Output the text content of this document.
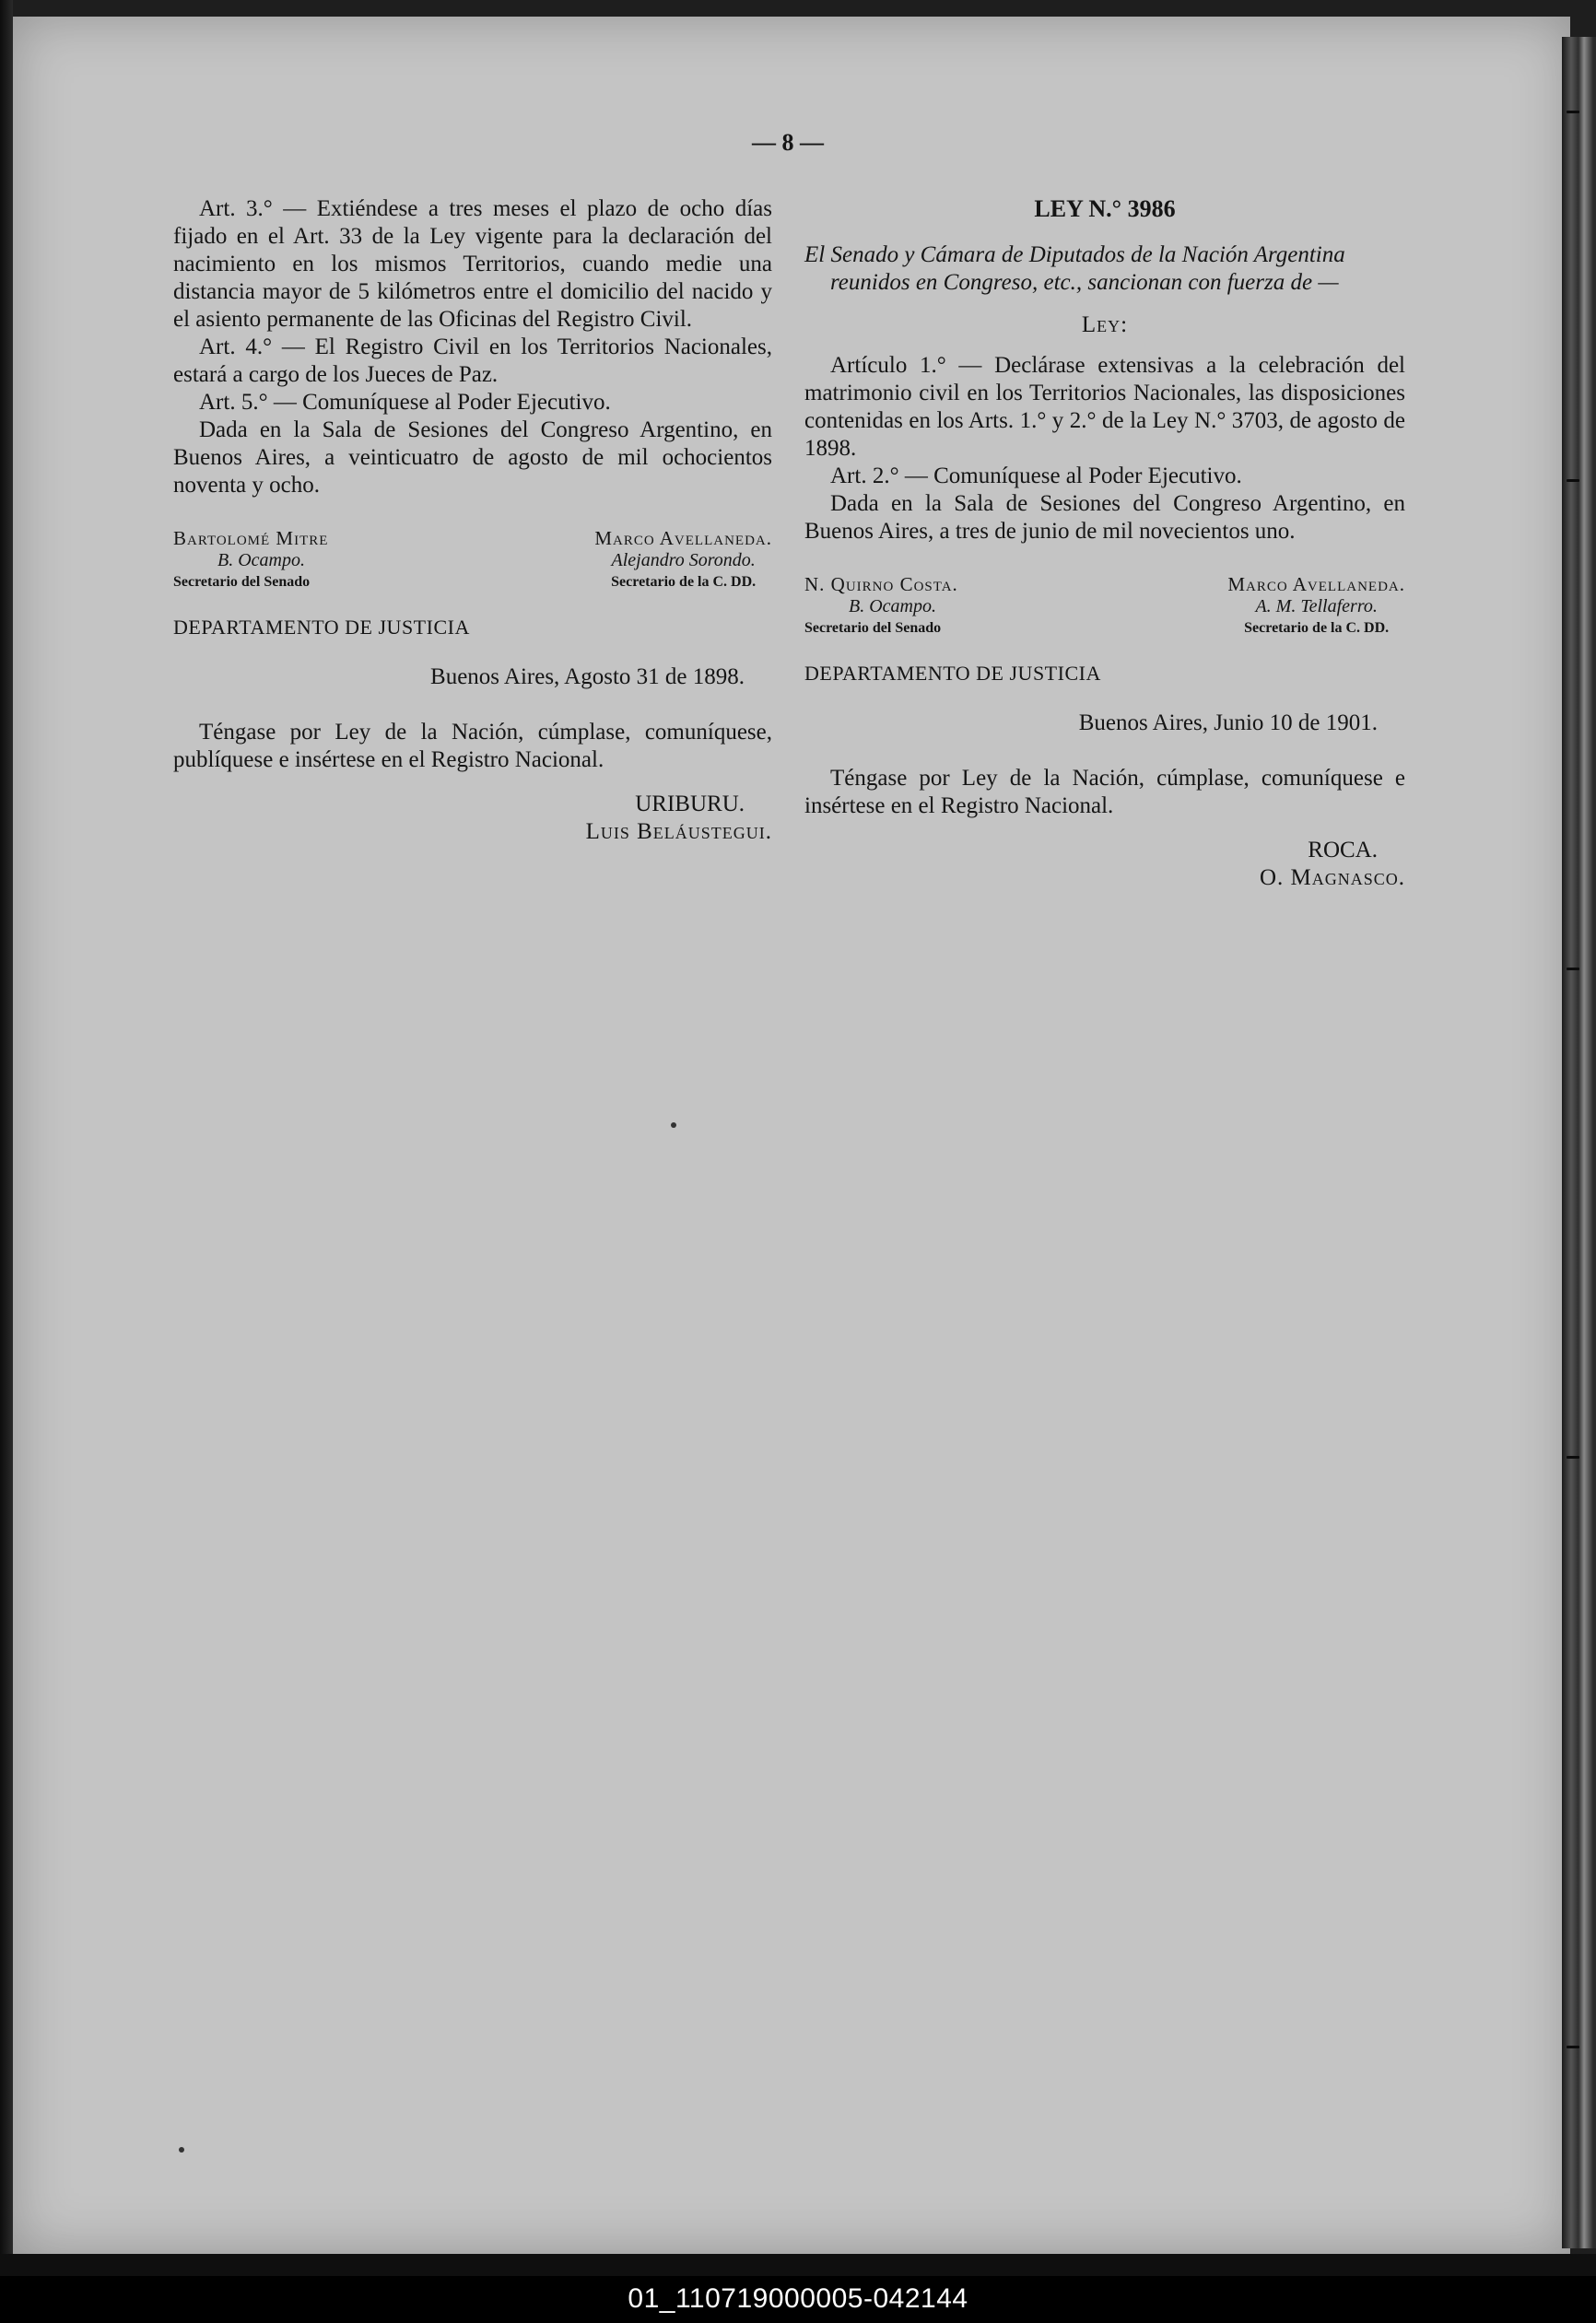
— 8 —

Art. 3.° — Extiéndese a tres meses el plazo de ocho días fijado en el Art. 33 de la Ley vigente para la declaración del nacimiento en los mismos Territorios, cuando medie una distancia mayor de 5 kilómetros entre el domicilio del nacido y el asiento permanente de las Oficinas del Registro Civil.

Art. 4.° — El Registro Civil en los Territorios Nacionales, estará a cargo de los Jueces de Paz.

Art. 5.° — Comuníquese al Poder Ejecutivo.

Dada en la Sala de Sesiones del Congreso Argentino, en Buenos Aires, a veinticuatro de agosto de mil ochocientos noventa y ocho.

Bartolomé Mitre
B. Ocampo.
Secretario del Senado
Marco Avellaneda.
Alejandro Sorondo.
Secretario de la C. DD.
DEPARTAMENTO DE JUSTICIA
Buenos Aires, Agosto 31 de 1898.

Téngase por Ley de la Nación, cúmplase, comuníquese, publíquese e insértese en el Registro Nacional.

URIBURU.
Luis Beláustegui.
LEY N.° 3986
El Senado y Cámara de Diputados de la Nación Argentina reunidos en Congreso, etc., sancionan con fuerza de —
Ley:

Artículo 1.° — Declárase extensivas a la celebración del matrimonio civil en los Territorios Nacionales, las disposiciones contenidas en los Arts. 1.° y 2.° de la Ley N.° 3703, de agosto de 1898.

Art. 2.° — Comuníquese al Poder Ejecutivo.

Dada en la Sala de Sesiones del Congreso Argentino, en Buenos Aires, a tres de junio de mil novecientos uno.

N. Quirno Costa.
B. Ocampo.
Secretario del Senado
Marco Avellaneda.
A. M. Tellaferro.
Secretario de la C. DD.
DEPARTAMENTO DE JUSTICIA
Buenos Aires, Junio 10 de 1901.

Téngase por Ley de la Nación, cúmplase, comuníquese e insértese en el Registro Nacional.

ROCA.
O. Magnasco.
01_110719000005-042144
